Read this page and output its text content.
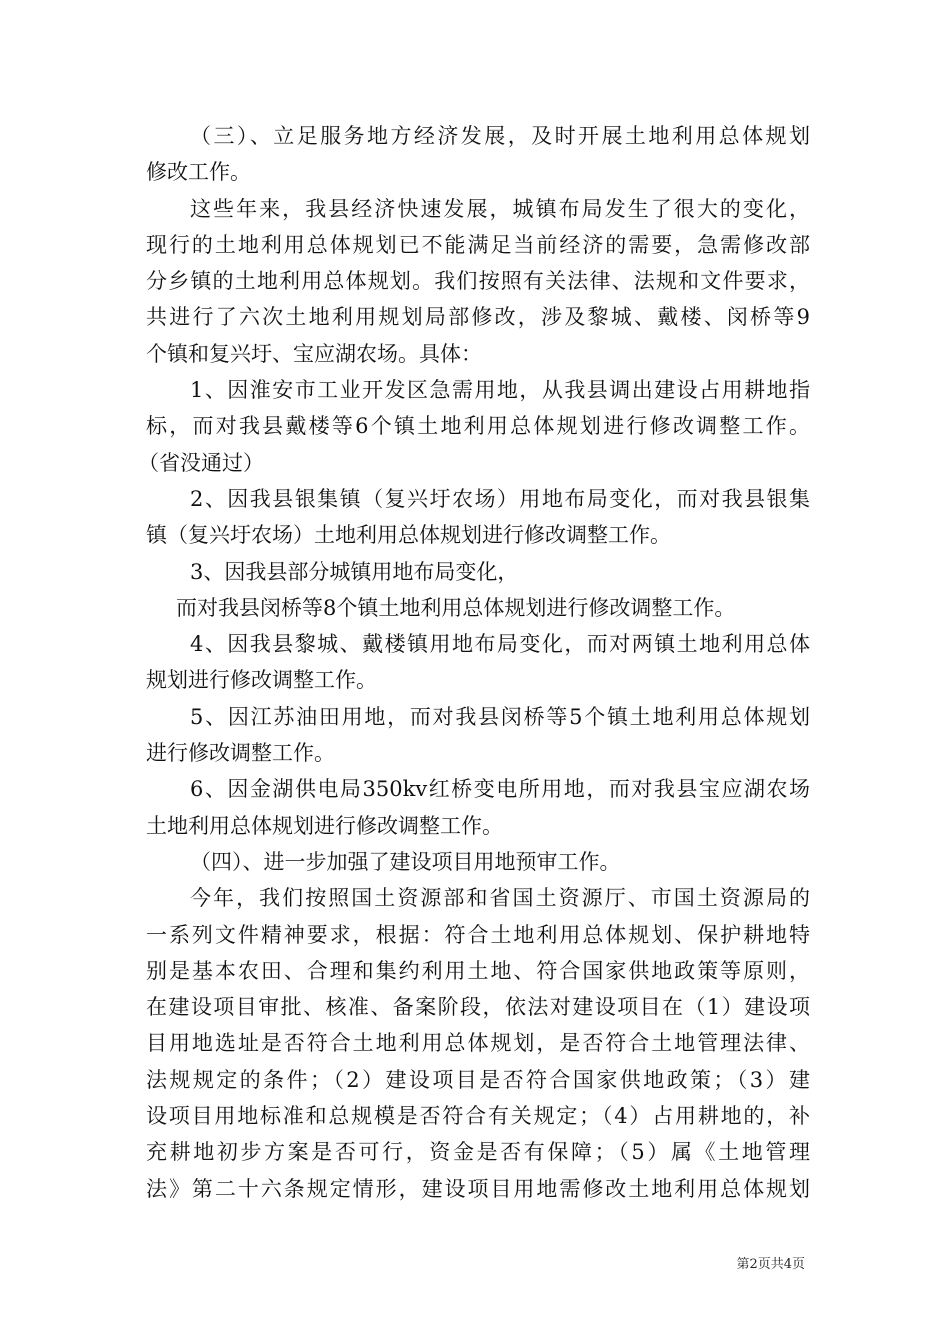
（三）、立足服务地方经济发展，及时开展土地利用总体规划
修改工作。
这些年来，我县经济快速发展，城镇布局发生了很大的变化，
现行的土地利用总体规划已不能满足当前经济的需要，急需修改部
分乡镇的土地利用总体规划。我们按照有关法律、法规和文件要求，
共进行了六次土地利用规划局部修改，涉及黎城、戴楼、闵桥等9
个镇和复兴圩、宝应湖农场。具体：
1、因淮安市工业开发区急需用地，从我县调出建设占用耕地指
标，而对我县戴楼等6个镇土地利用总体规划进行修改调整工作。
（省没通过）
2、因我县银集镇（复兴圩农场）用地布局变化，而对我县银集
镇（复兴圩农场）土地利用总体规划进行修改调整工作。
3、因我县部分城镇用地布局变化，
而对我县闵桥等8个镇土地利用总体规划进行修改调整工作。
4、因我县黎城、戴楼镇用地布局变化，而对两镇土地利用总体
规划进行修改调整工作。
5、因江苏油田用地，而对我县闵桥等5个镇土地利用总体规划
进行修改调整工作。
6、因金湖供电局350kv红桥变电所用地，而对我县宝应湖农场
土地利用总体规划进行修改调整工作。
（四）、进一步加强了建设项目用地预审工作。
今年，我们按照国土资源部和省国土资源厅、市国土资源局的
一系列文件精神要求，根据：符合土地利用总体规划、保护耕地特
别是基本农田、合理和集约利用土地、符合国家供地政策等原则，
在建设项目审批、核准、备案阶段，依法对建设项目在（1）建设项
目用地选址是否符合土地利用总体规划，是否符合土地管理法律、
法规规定的条件；（2）建设项目是否符合国家供地政策；（3）建
设项目用地标准和总规模是否符合有关规定；（4）占用耕地的，补
充耕地初步方案是否可行，资金是否有保障；（5）属《土地管理
法》第二十六条规定情形，建设项目用地需修改土地利用总体规划
第2页共4页
